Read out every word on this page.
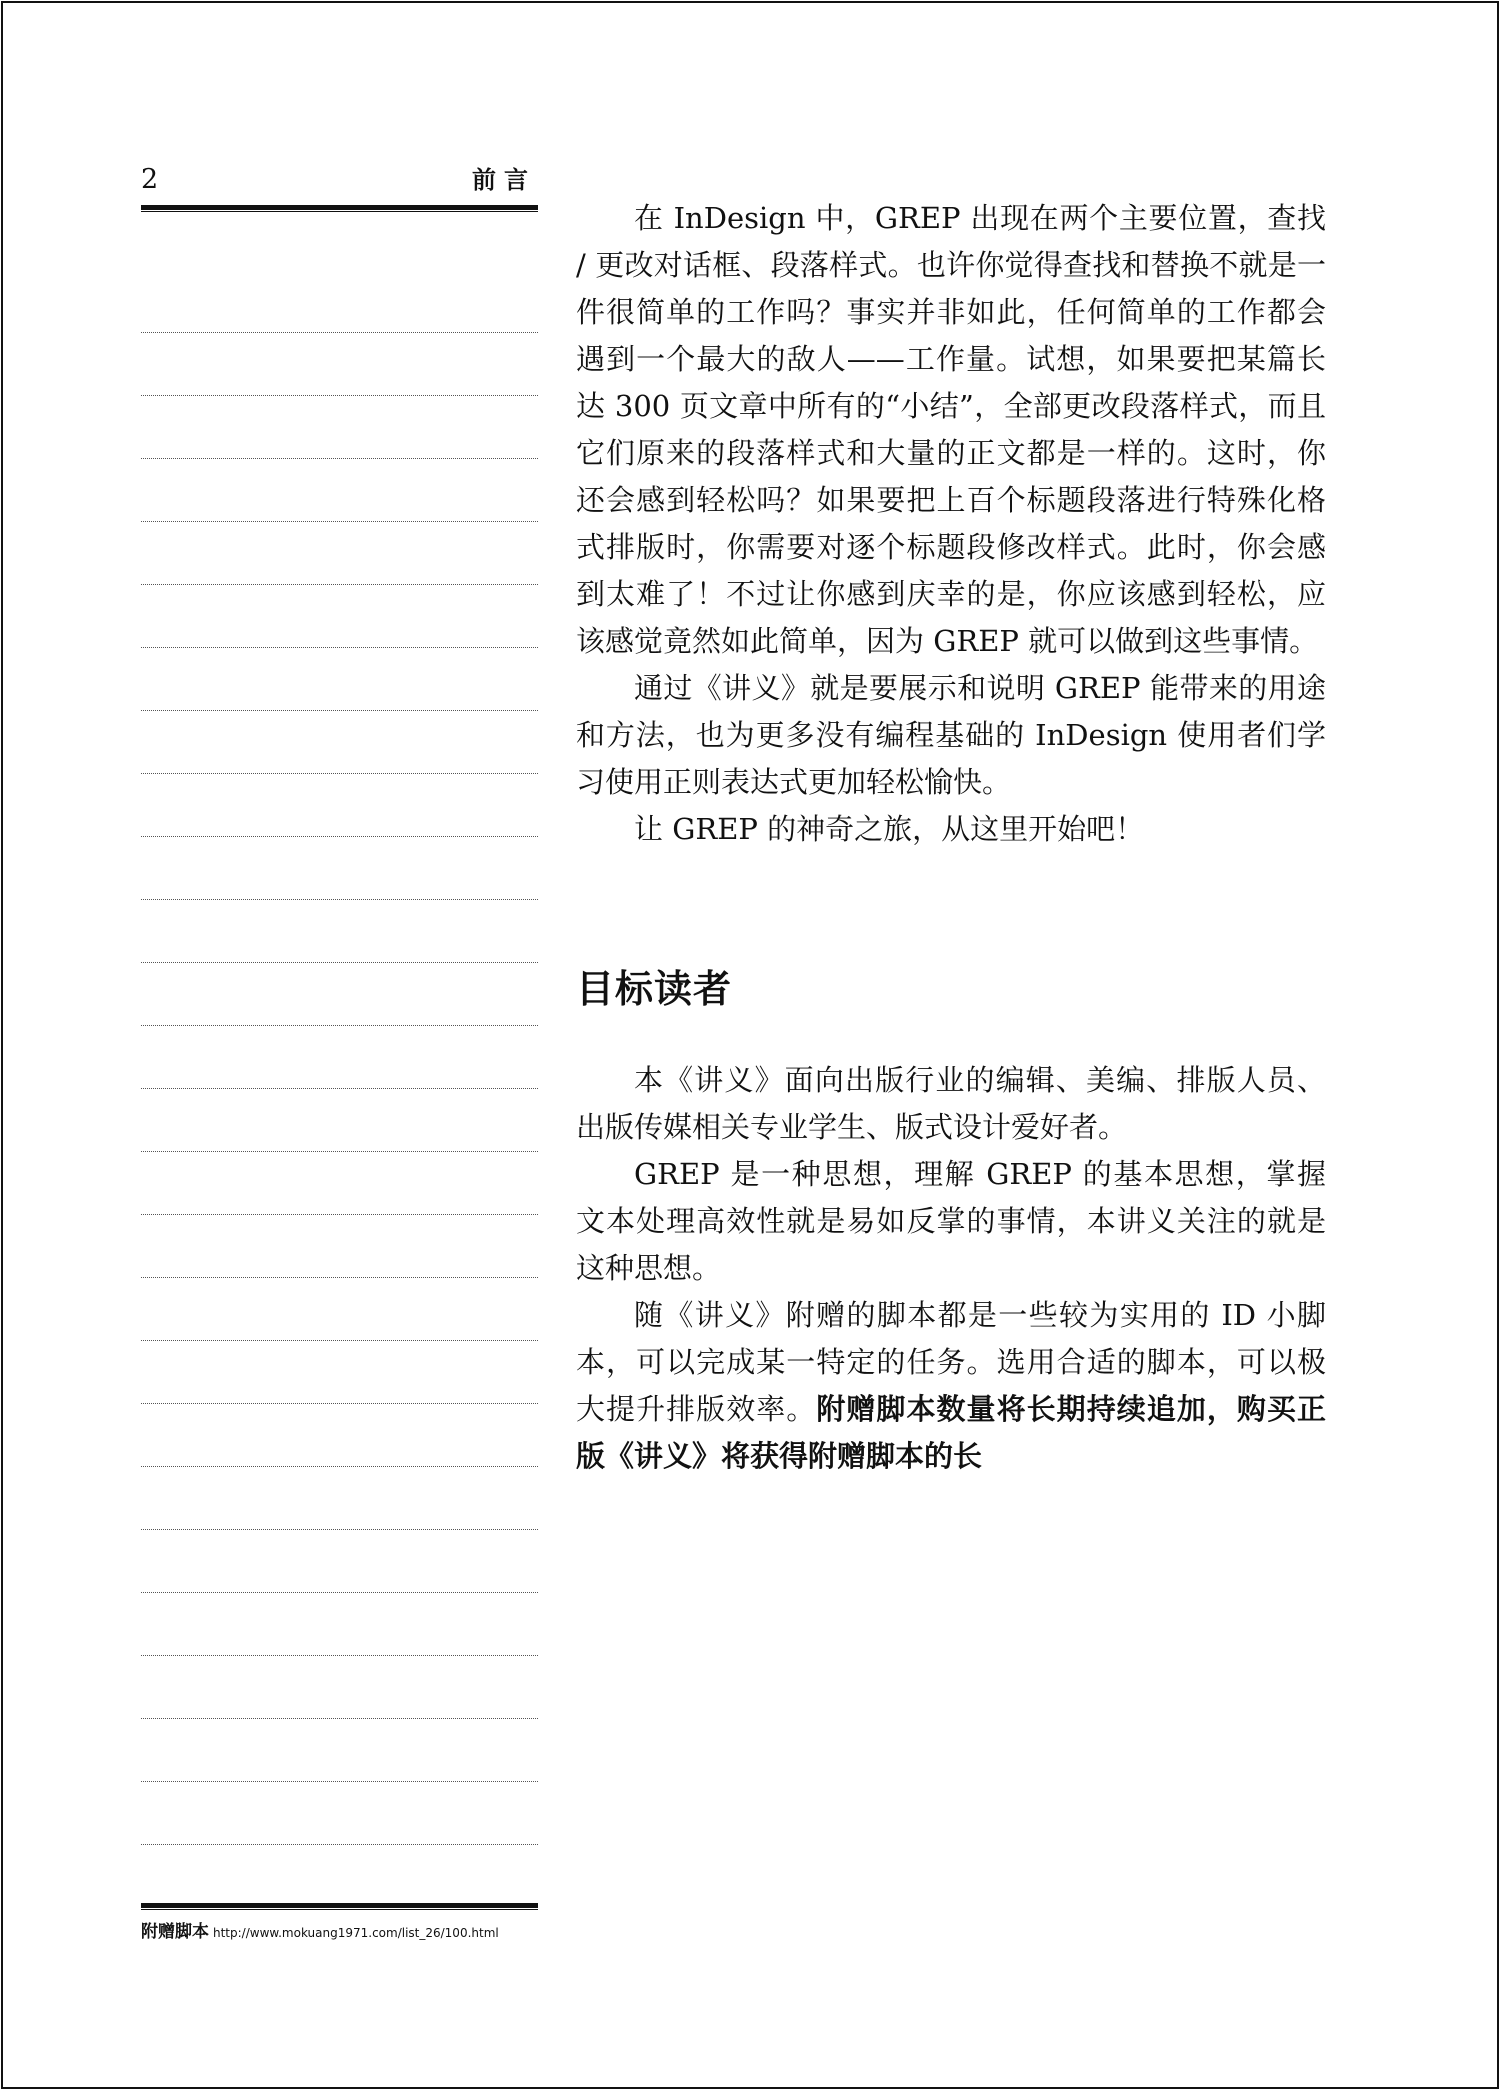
2	前言
附赠脚本 http://www.mokuang1971.com/list_26/100.html

在 InDesign 中，GREP 出现在两个主要位置，查找 / 更改对话框、段落样式。也许你觉得查找和替换不就是一件很简单的工作吗？事实并非如此，任何简单的工作都会遇到一个最大的敌人——工作量。试想，如果要把某篇长达 300 页文章中所有的“小结”，全部更改段落样式，而且它们原来的段落样式和大量的正文都是一样的。这时，你还会感到轻松吗？如果要把上百个标题段落进行特殊化格式排版时，你需要对逐个标题段修改样式。此时，你会感到太难了！不过让你感到庆幸的是，你应该感到轻松，应该感觉竟然如此简单，因为 GREP 就可以做到这些事情。

通过《讲义》就是要展示和说明 GREP 能带来的用途和方法，也为更多没有编程基础的 InDesign 使用者们学习使用正则表达式更加轻松愉快。

让 GREP 的神奇之旅，从这里开始吧！

目标读者

本《讲义》面向出版行业的编辑、美编、排版人员、出版传媒相关专业学生、版式设计爱好者。

GREP 是一种思想，理解 GREP 的基本思想，掌握文本处理高效性就是易如反掌的事情，本讲义关注的就是这种思想。

随《讲义》附赠的脚本都是一些较为实用的 ID 小脚本，可以完成某一特定的任务。选用合适的脚本，可以极大提升排版效率。附赠脚本数量将长期持续追加，购买正版《讲义》将获得附赠脚本的长
